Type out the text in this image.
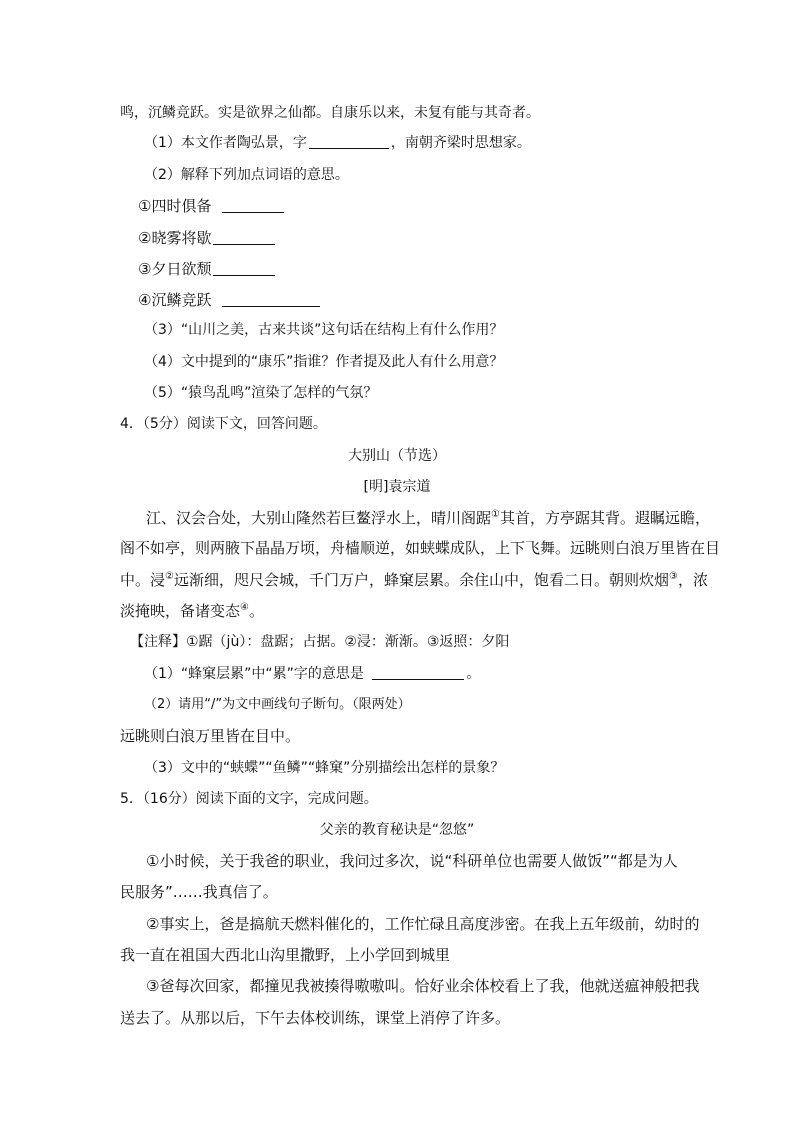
鸣，沉鳞竞跃。实是欲界之仙都。自康乐以来，未复有能与其奇者。
（1）本文作者陶弘景，字	，南朝齐梁时思想家。
（2）解释下列加点词语的意思。
①四时俱备
②晓雾将歇
③夕日欲颓
④沉鳞竞跃
（3）“山川之美，古来共谈”这句话在结构上有什么作用？
（4）文中提到的“康乐”指谁？作者提及此人有什么用意？
（5）“猿鸟乱鸣”渲染了怎样的气氛？
4．（5分）阅读下文，回答问题。
大别山（节选）
[明]袁宗道
江、汉会合处，大别山隆然若巨鳌浮水上，晴川阁踞①其首，方亭踞其背。遐瞩远瞻，
阁不如亭，则两腋下晶晶万顷，舟樯顺逆，如蛱蝶成队，上下飞舞。远眺则白浪万里皆在目
中。浸②远渐细，咫尺会城，千门万户，蜂窠层累。余住山中，饱看二日。朝则炊烟③，浓
淡掩映，备诸变态④。
【注释】①踞（jù）：盘踞；占据。②浸：渐渐。③返照：夕阳
（1）“蜂窠层累”中“累”字的意思是	。
（2）请用“/”为文中画线句子断句。（限两处）
远眺则白浪万里皆在目中。
（3）文中的“蛱蝶”“鱼鳞”“蜂窠”分别描绘出怎样的景象？
5．（16分）阅读下面的文字，完成问题。
父亲的教育秘诀是“忽悠”
①小时候，关于我爸的职业，我问过多次，说“科研单位也需要人做饭”“都是为人
民服务”……我真信了。
②事实上，爸是搞航天燃料催化的，工作忙碌且高度涉密。在我上五年级前，幼时的
我一直在祖国大西北山沟里撒野，上小学回到城里
③爸每次回家，都撞见我被揍得嗷嗷叫。恰好业余体校看上了我，他就送瘟神般把我
送去了。从那以后，下午去体校训练，课堂上消停了许多。
